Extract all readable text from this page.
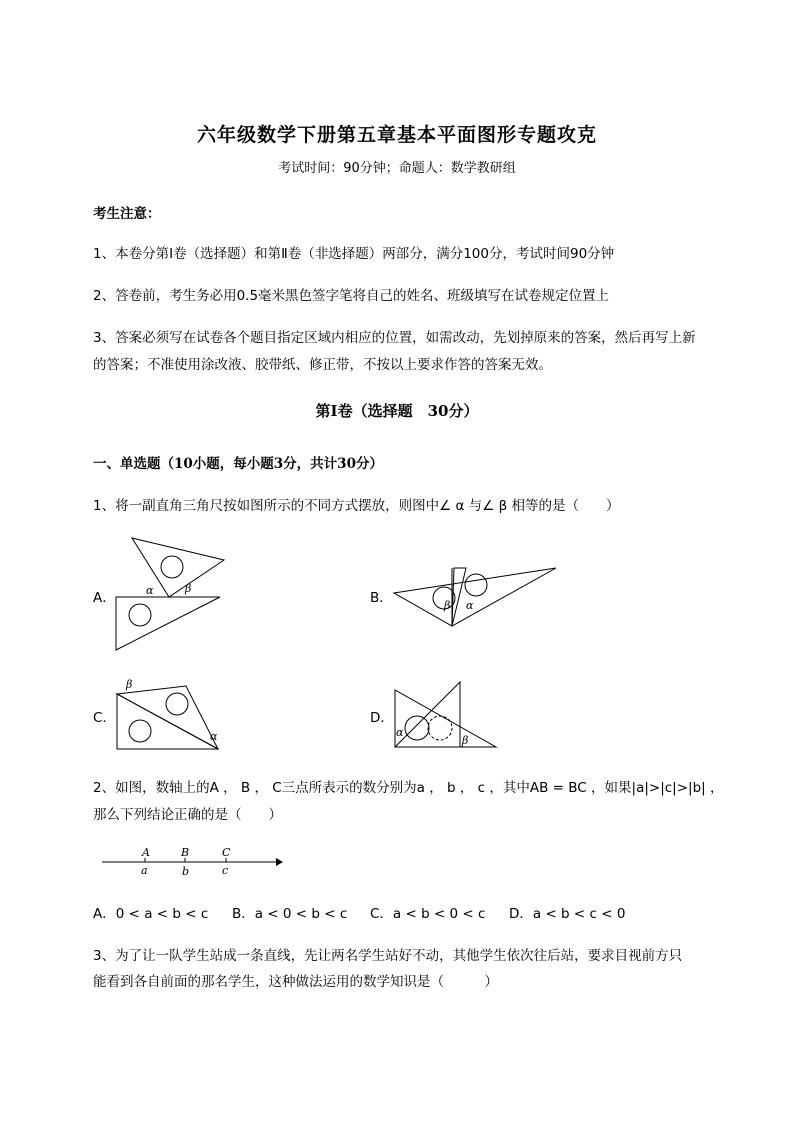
六年级数学下册第五章基本平面图形专题攻克
考试时间：90分钟；命题人：数学教研组
考生注意：
1、本卷分第Ⅰ卷（选择题）和第Ⅱ卷（非选择题）两部分，满分100分，考试时间90分钟
2、答卷前，考生务必用0.5毫米黑色签字笔将自己的姓名、班级填写在试卷规定位置上
3、答案必须写在试卷各个题目指定区域内相应的位置，如需改动，先划掉原来的答案，然后再写上新
的答案；不准使用涂改液、胶带纸、修正带，不按以上要求作答的答案无效。
第Ⅰ卷（选择题　30分）
一、单选题（10小题，每小题3分，共计30分）
1、将一副直角三角尺按如图所示的不同方式摆放，则图中∠ α 与∠ β 相等的是（　　）
A．	α	β
B．	β α
C．
β
α
D．
α
β
2、如图，数轴上的A ， B ， C三点所表示的数分别为a ， b ， c ，其中AB = BC ，如果|a|>|c|>|b| ，
那么下列结论正确的是（　　）
A	B	C
a	b	c
A．0 < a < b < c B．a < 0 < b < c C．a < b < 0 < c D．a < b < c < 0
3、为了让一队学生站成一条直线，先让两名学生站好不动，其他学生依次往后站，要求目视前方只
能看到各自前面的那名学生，这种做法运用的数学知识是（　　　）
